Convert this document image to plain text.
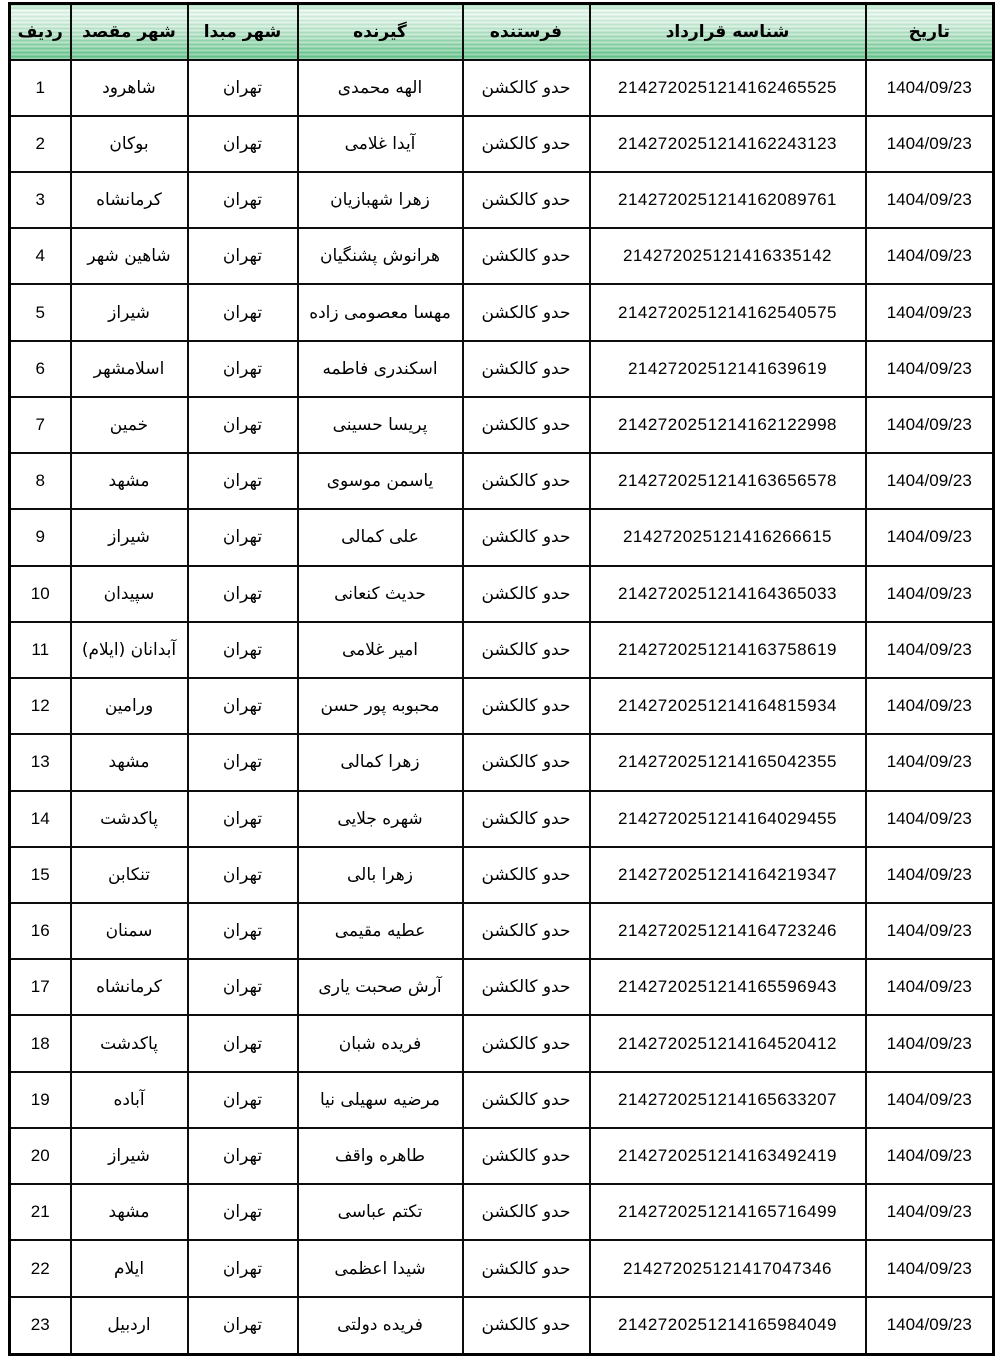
تاریخ	شناسه قرارداد	فرستنده	گیرنده	شهر مبدا	شهر مقصد	ردیف
1404/09/23	2142720251214162465525	حدو کالکشن	الهه محمدی	تهران	شاهرود	1
1404/09/23	2142720251214162243123	حدو کالکشن	آیدا غلامی	تهران	بوکان	2
1404/09/23	2142720251214162089761	حدو کالکشن	زهرا شهبازیان	تهران	کرمانشاه	3
1404/09/23	214272025121416335142	حدو کالکشن	هرانوش پشنگیان	تهران	شاهین شهر	4
1404/09/23	2142720251214162540575	حدو کالکشن	مهسا معصومی زاده	تهران	شیراز	5
1404/09/23	21427202512141639619	حدو کالکشن	اسکندری فاطمه	تهران	اسلامشهر	6
1404/09/23	2142720251214162122998	حدو کالکشن	پریسا حسینی	تهران	خمین	7
1404/09/23	2142720251214163656578	حدو کالکشن	یاسمن موسوی	تهران	مشهد	8
1404/09/23	214272025121416266615	حدو کالکشن	علی کمالی	تهران	شیراز	9
1404/09/23	2142720251214164365033	حدو کالکشن	حدیث کنعانی	تهران	سپیدان	10
1404/09/23	2142720251214163758619	حدو کالکشن	امیر غلامی	تهران	آبدانان (ایلام)	11
1404/09/23	2142720251214164815934	حدو کالکشن	محبوبه پور حسن	تهران	ورامین	12
1404/09/23	2142720251214165042355	حدو کالکشن	زهرا کمالی	تهران	مشهد	13
1404/09/23	2142720251214164029455	حدو کالکشن	شهره جلایی	تهران	پاکدشت	14
1404/09/23	2142720251214164219347	حدو کالکشن	زهرا بالی	تهران	تنکابن	15
1404/09/23	2142720251214164723246	حدو کالکشن	عطیه مقیمی	تهران	سمنان	16
1404/09/23	2142720251214165596943	حدو کالکشن	آرش صحبت یاری	تهران	کرمانشاه	17
1404/09/23	2142720251214164520412	حدو کالکشن	فریده شبان	تهران	پاکدشت	18
1404/09/23	2142720251214165633207	حدو کالکشن	مرضیه سهیلی نیا	تهران	آباده	19
1404/09/23	2142720251214163492419	حدو کالکشن	طاهره واقف	تهران	شیراز	20
1404/09/23	2142720251214165716499	حدو کالکشن	تکتم عباسی	تهران	مشهد	21
1404/09/23	214272025121417047346	حدو کالکشن	شیدا اعظمی	تهران	ایلام	22
1404/09/23	2142720251214165984049	حدو کالکشن	فریده دولتی	تهران	اردبیل	23
